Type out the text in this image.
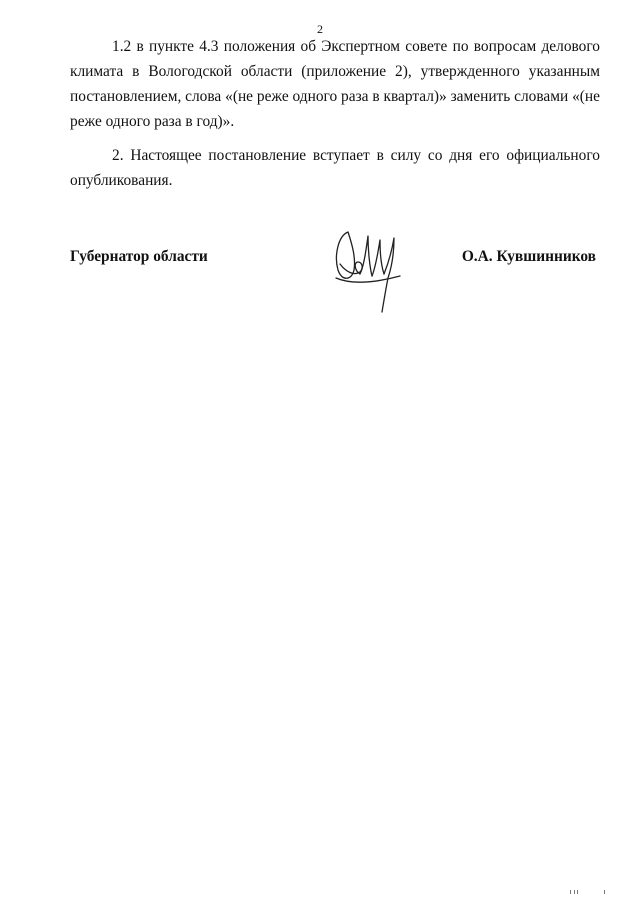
2

1.2 в пункте 4.3 положения об Экспертном совете по вопросам делового климата в Вологодской области (приложение 2), утвержденного указанным постановлением, слова «(не реже одного раза в квартал)» заменить словами «(не реже одного раза в год)».

2. Настоящее постановление вступает в силу со дня его официального опубликования.

Губернатор области	О.А. Кувшинников
